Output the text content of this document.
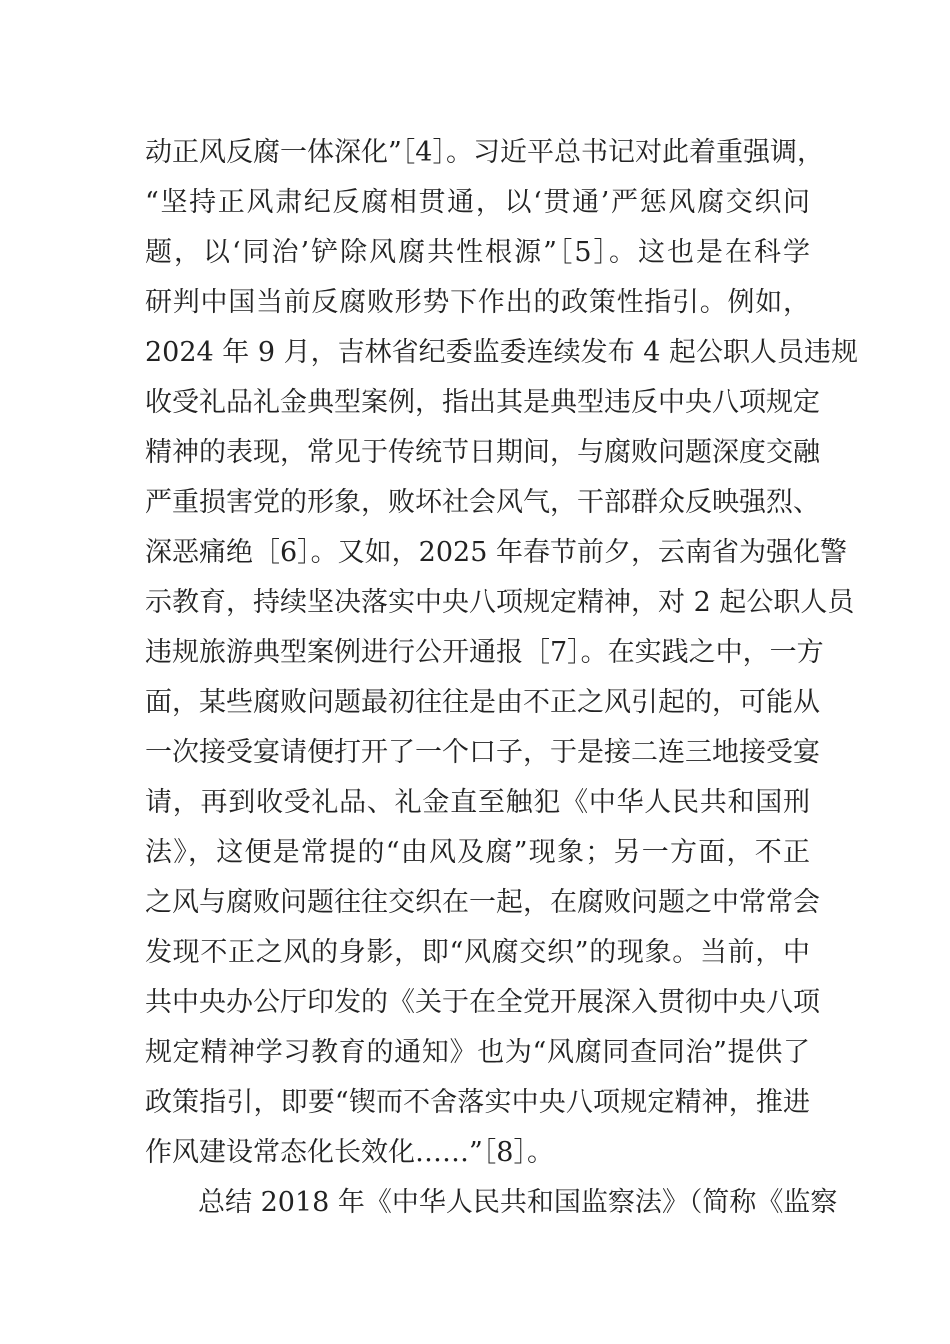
动正风反腐一体深化”［4］。习近平总书记对此着重强调，
“坚持正风肃纪反腐相贯通，以‘贯通’严惩风腐交织问
题，以‘同治’铲除风腐共性根源”［5］。这也是在科学
研判中国当前反腐败形势下作出的政策性指引。例如，
2024 年 9 月，吉林省纪委监委连续发布 4 起公职人员违规
收受礼品礼金典型案例，指出其是典型违反中央八项规定
精神的表现，常见于传统节日期间，与腐败问题深度交融
严重损害党的形象，败坏社会风气，干部群众反映强烈、
深恶痛绝［6］。又如，2025 年春节前夕，云南省为强化警
示教育，持续坚决落实中央八项规定精神，对 2 起公职人员
违规旅游典型案例进行公开通报［7］。在实践之中，一方
面，某些腐败问题最初往往是由不正之风引起的，可能从
一次接受宴请便打开了一个口子，于是接二连三地接受宴
请，再到收受礼品、礼金直至触犯《中华人民共和国刑
法》，这便是常提的“由风及腐”现象；另一方面，不正
之风与腐败问题往往交织在一起，在腐败问题之中常常会
发现不正之风的身影，即“风腐交织”的现象。当前，中
共中央办公厅印发的《关于在全党开展深入贯彻中央八项
规定精神学习教育的通知》也为“风腐同查同治”提供了
政策指引，即要“锲而不舍落实中央八项规定精神，推进
作风建设常态化长效化……”［8］。
总结 2018 年《中华人民共和国监察法》（简称《监察
